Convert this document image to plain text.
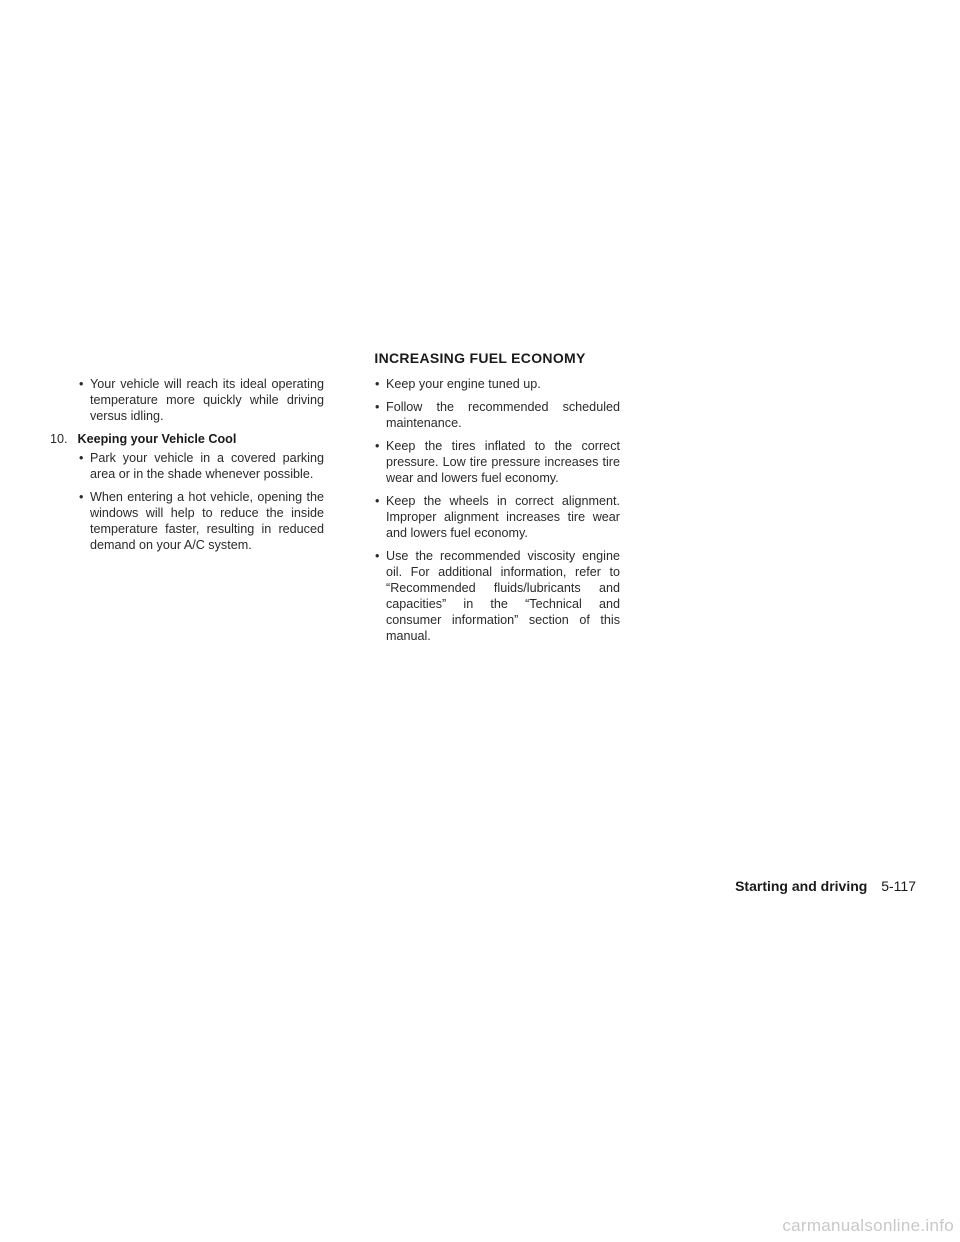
INCREASING FUEL ECONOMY
• Your vehicle will reach its ideal operating temperature more quickly while driving versus idling.
10. Keeping your Vehicle Cool
• Park your vehicle in a covered parking area or in the shade whenever possible.
• When entering a hot vehicle, opening the windows will help to reduce the inside temperature faster, resulting in reduced demand on your A/C system.
• Keep your engine tuned up.
• Follow the recommended scheduled maintenance.
• Keep the tires inflated to the correct pressure. Low tire pressure increases tire wear and lowers fuel economy.
• Keep the wheels in correct alignment. Improper alignment increases tire wear and lowers fuel economy.
• Use the recommended viscosity engine oil. For additional information, refer to “Recommended fluids/lubricants and capacities” in the “Technical and consumer information” section of this manual.
Starting and driving 5-117
carmanualsonline.info
